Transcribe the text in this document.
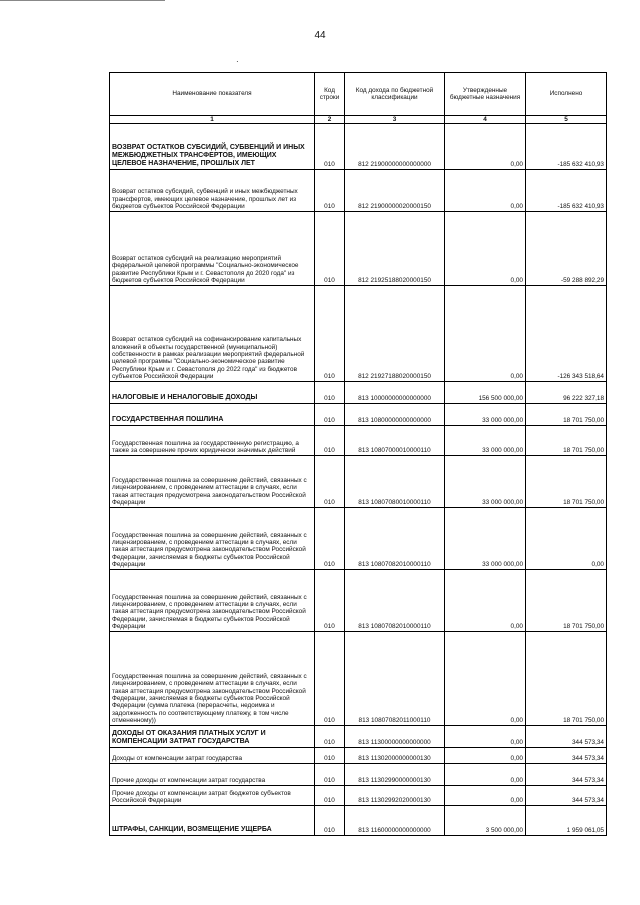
44
·
Наименование показателя	Код строки	Код дохода по бюджетной классификации	Утвержденные бюджетные назначения	Исполнено
1	2	3	4	5
ВОЗВРАТ ОСТАТКОВ СУБСИДИЙ, СУБВЕНЦИЙ И ИНЫХ МЕЖБЮДЖЕТНЫХ ТРАНСФЕРТОВ, ИМЕЮЩИХ ЦЕЛЕВОЕ НАЗНАЧЕНИЕ, ПРОШЛЫХ ЛЕТ	010	812 21900000000000000	0,00	-185 632 410,93
Возврат остатков субсидий, субвенций и иных межбюджетных трансфертов, имеющих целевое назначение, прошлых лет из бюджетов субъектов Российской Федерации	010	812 21900000020000150	0,00	-185 632 410,93
Возврат остатков субсидий на реализацию мероприятий федеральной целевой программы "Социально-экономическое развитие Республики Крым и г. Севастополя до 2020 года" из бюджетов субъектов Российской Федерации	010	812 21925188020000150	0,00	-59 288 892,29
Возврат остатков субсидий на софинансирование капитальных вложений в объекты государственной (муниципальной) собственности в рамках реализации мероприятий федеральной целевой программы "Социально-экономическое развитие Республики Крым и г. Севастополя до 2022 года" из бюджетов субъектов Российской Федерации	010	812 21927188020000150	0,00	-126 343 518,64
НАЛОГОВЫЕ И НЕНАЛОГОВЫЕ ДОХОДЫ	010	813 10000000000000000	156 500 000,00	96 222 327,18
ГОСУДАРСТВЕННАЯ ПОШЛИНА	010	813 10800000000000000	33 000 000,00	18 701 750,00
Государственная пошлина за государственную регистрацию, а также за совершение прочих юридически значимых действий	010	813 10807000010000110	33 000 000,00	18 701 750,00
Государственная пошлина за совершение действий, связанных с лицензированием, с проведением аттестации в случаях, если такая аттестация предусмотрена законодательством Российской Федерации	010	813 10807080010000110	33 000 000,00	18 701 750,00
Государственная пошлина за совершение действий, связанных с лицензированием, с проведением аттестации в случаях, если такая аттестация предусмотрена законодательством Российской Федерации, зачисляемая в бюджеты субъектов Российской Федерации	010	813 10807082010000110	33 000 000,00	0,00
Государственная пошлина за совершение действий, связанных с лицензированием, с проведением аттестации в случаях, если такая аттестация предусмотрена законодательством Российской Федерации, зачисляемая в бюджеты субъектов Российской Федерации	010	813 10807082010000110	0,00	18 701 750,00
Государственная пошлина за совершение действий, связанных с лицензированием, с проведением аттестации в случаях, если такая аттестация предусмотрена законодательством Российской Федерации, зачисляемая в бюджеты субъектов Российской Федерации (сумма платежа (перерасчеты, недоимка и задолженность по соответствующему платежу, в том числе отмененному))	010	813 10807082011000110	0,00	18 701 750,00
ДОХОДЫ ОТ ОКАЗАНИЯ ПЛАТНЫХ УСЛУГ И КОМПЕНСАЦИИ ЗАТРАТ ГОСУДАРСТВА	010	813 11300000000000000	0,00	344 573,34
Доходы от компенсации затрат государства	010	813 11302000000000130	0,00	344 573,34
Прочие доходы от компенсации затрат государства	010	813 11302990000000130	0,00	344 573,34
Прочие доходы от компенсации затрат бюджетов субъектов Российской Федерации	010	813 11302992020000130	0,00	344 573,34
ШТРАФЫ, САНКЦИИ, ВОЗМЕЩЕНИЕ УЩЕРБА	010	813 11600000000000000	3 500 000,00	1 959 061,05
